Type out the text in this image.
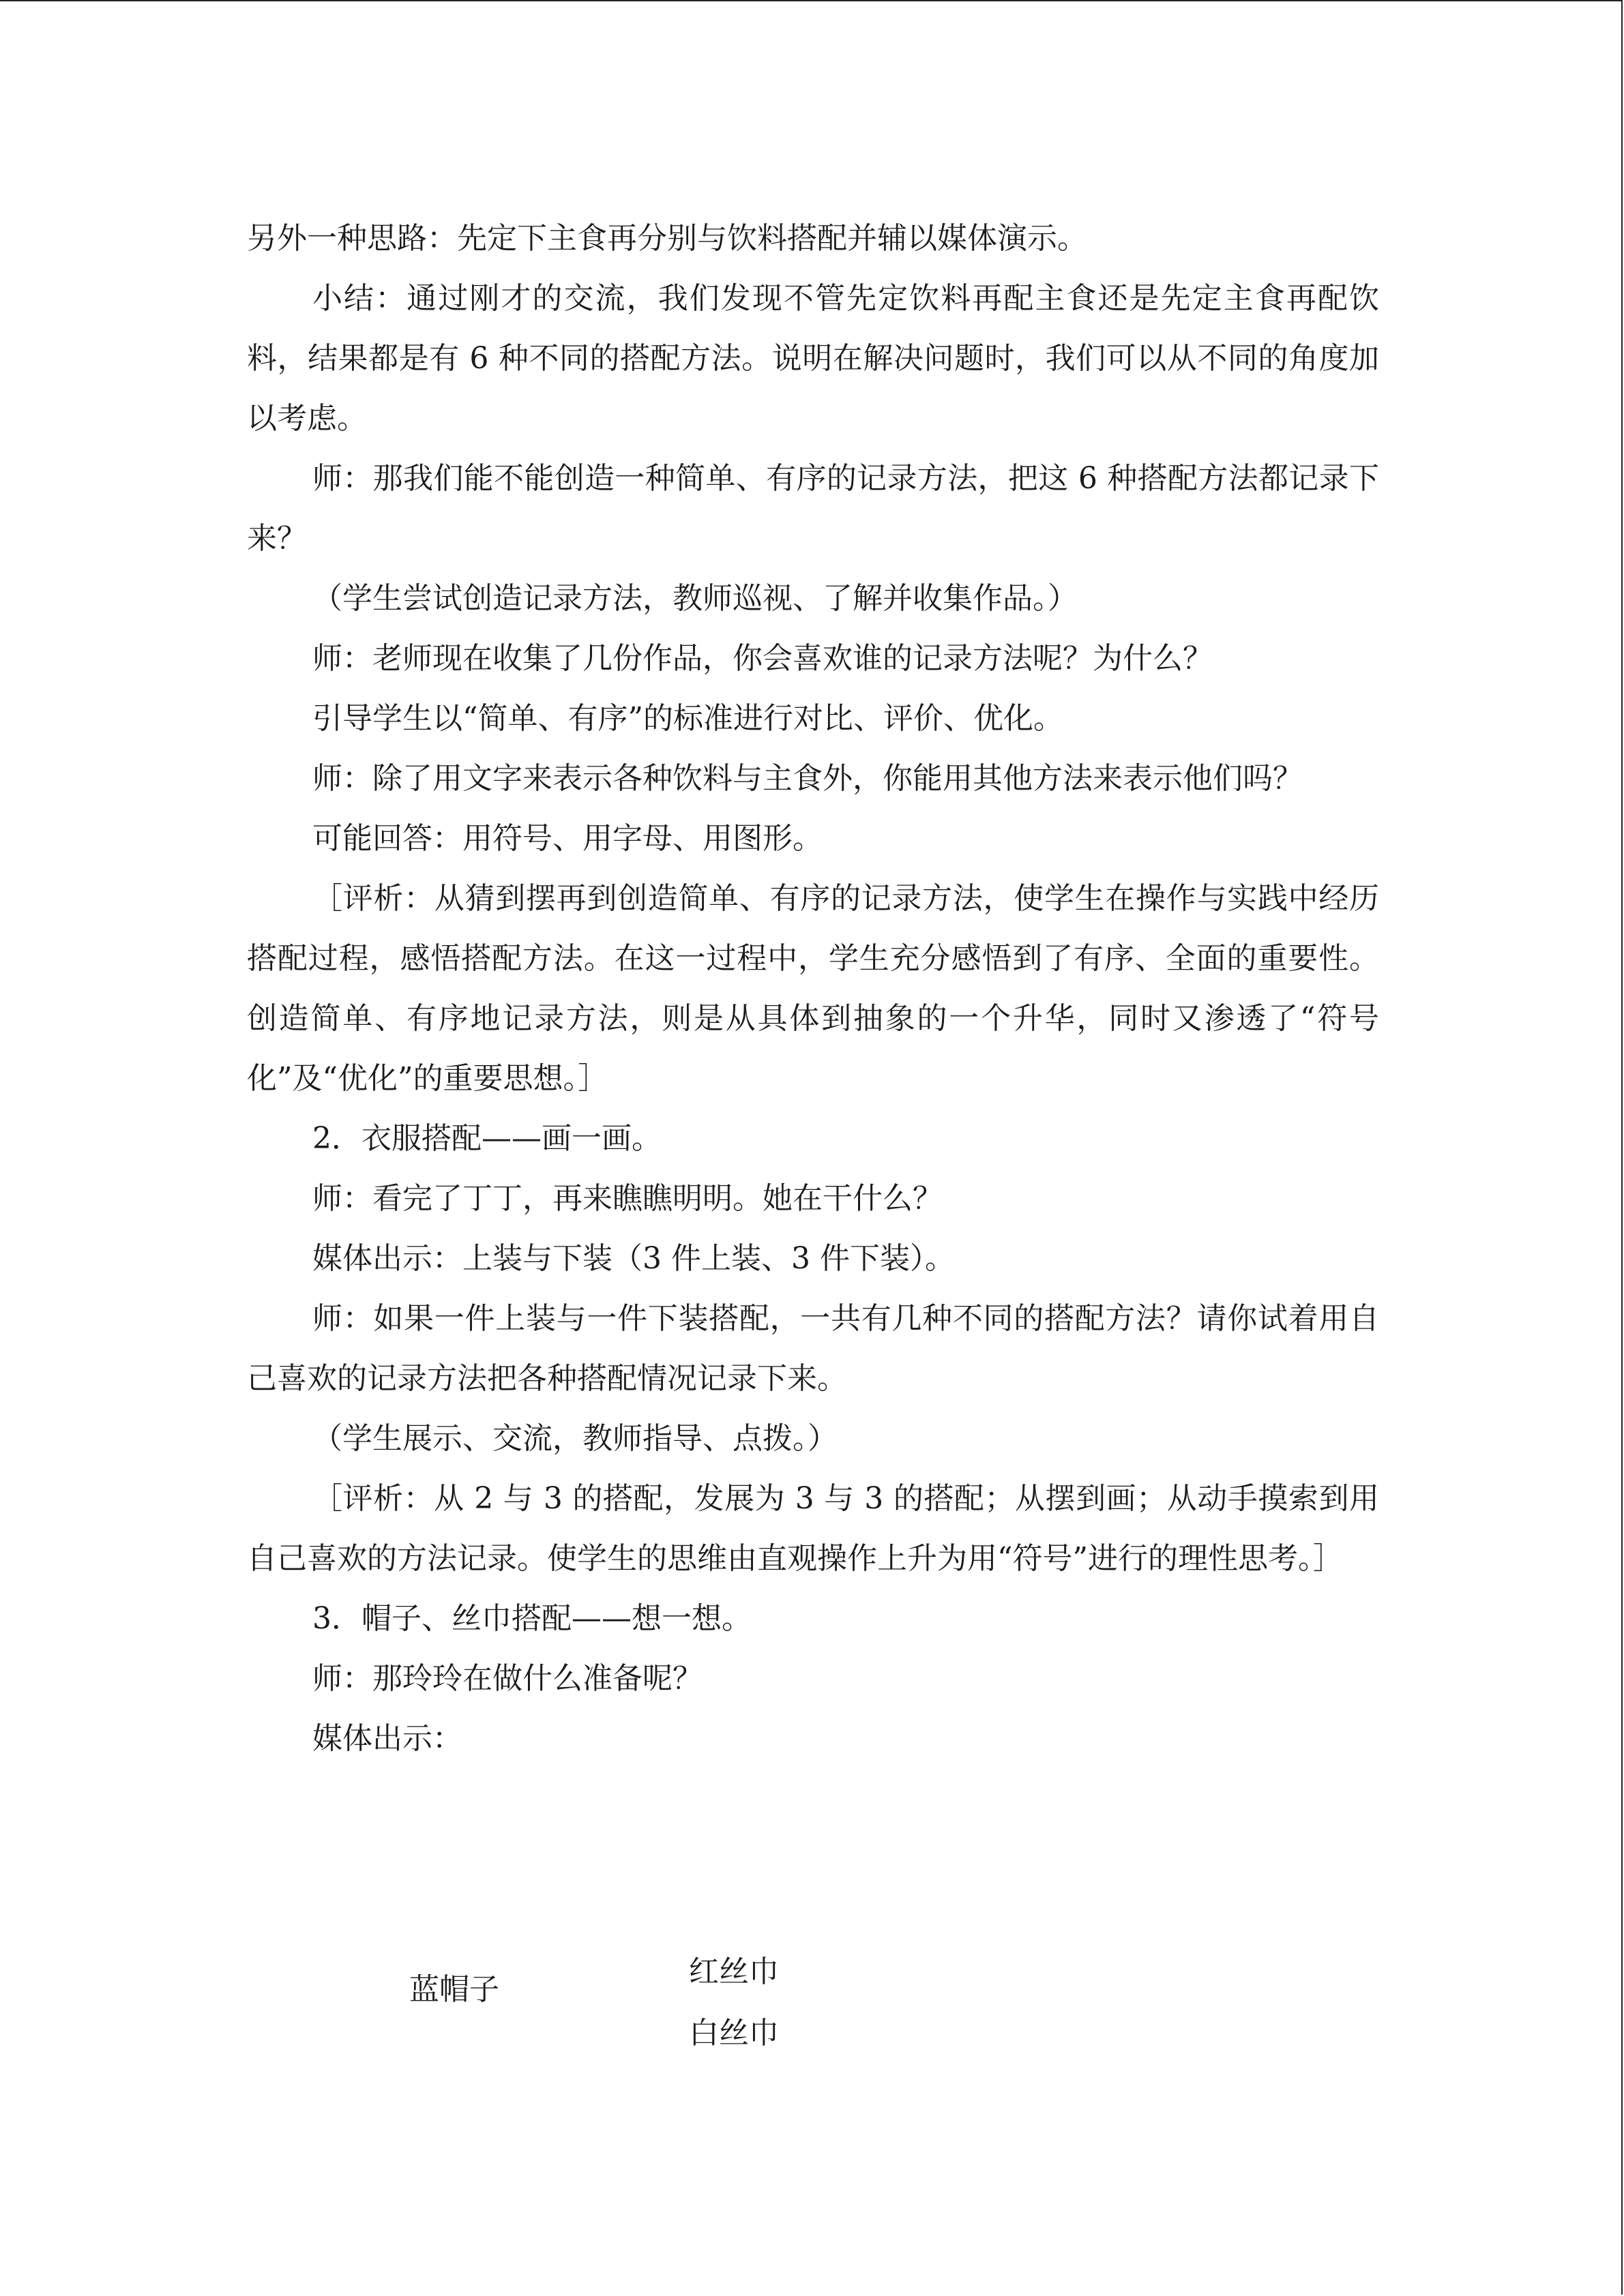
另外一种思路：先定下主食再分别与饮料搭配并辅以媒体演示。

小结：通过刚才的交流，我们发现不管先定饮料再配主食还是先定主食再配饮料，结果都是有 6 种不同的搭配方法。说明在解决问题时，我们可以从不同的角度加以考虑。

师：那我们能不能创造一种简单、有序的记录方法，把这 6 种搭配方法都记录下来？

（学生尝试创造记录方法，教师巡视、了解并收集作品。）

师：老师现在收集了几份作品，你会喜欢谁的记录方法呢？为什么？

引导学生以“简单、有序”的标准进行对比、评价、优化。

师：除了用文字来表示各种饮料与主食外，你能用其他方法来表示他们吗？

可能回答：用符号、用字母、用图形。

［评析：从猜到摆再到创造简单、有序的记录方法，使学生在操作与实践中经历搭配过程，感悟搭配方法。在这一过程中，学生充分感悟到了有序、全面的重要性。创造简单、有序地记录方法，则是从具体到抽象的一个升华，同时又渗透了“符号化”及“优化”的重要思想。］

2．衣服搭配——画一画。

师：看完了丁丁，再来瞧瞧明明。她在干什么？

媒体出示：上装与下装（3 件上装、3 件下装）。

师：如果一件上装与一件下装搭配，一共有几种不同的搭配方法？请你试着用自己喜欢的记录方法把各种搭配情况记录下来。

（学生展示、交流，教师指导、点拨。）

［评析：从 2 与 3 的搭配，发展为 3 与 3 的搭配；从摆到画；从动手摸索到用自己喜欢的方法记录。使学生的思维由直观操作上升为用“符号”进行的理性思考。］

3．帽子、丝巾搭配——想一想。

师：那玲玲在做什么准备呢？

媒体出示：

蓝帽子
红丝巾
白丝巾
